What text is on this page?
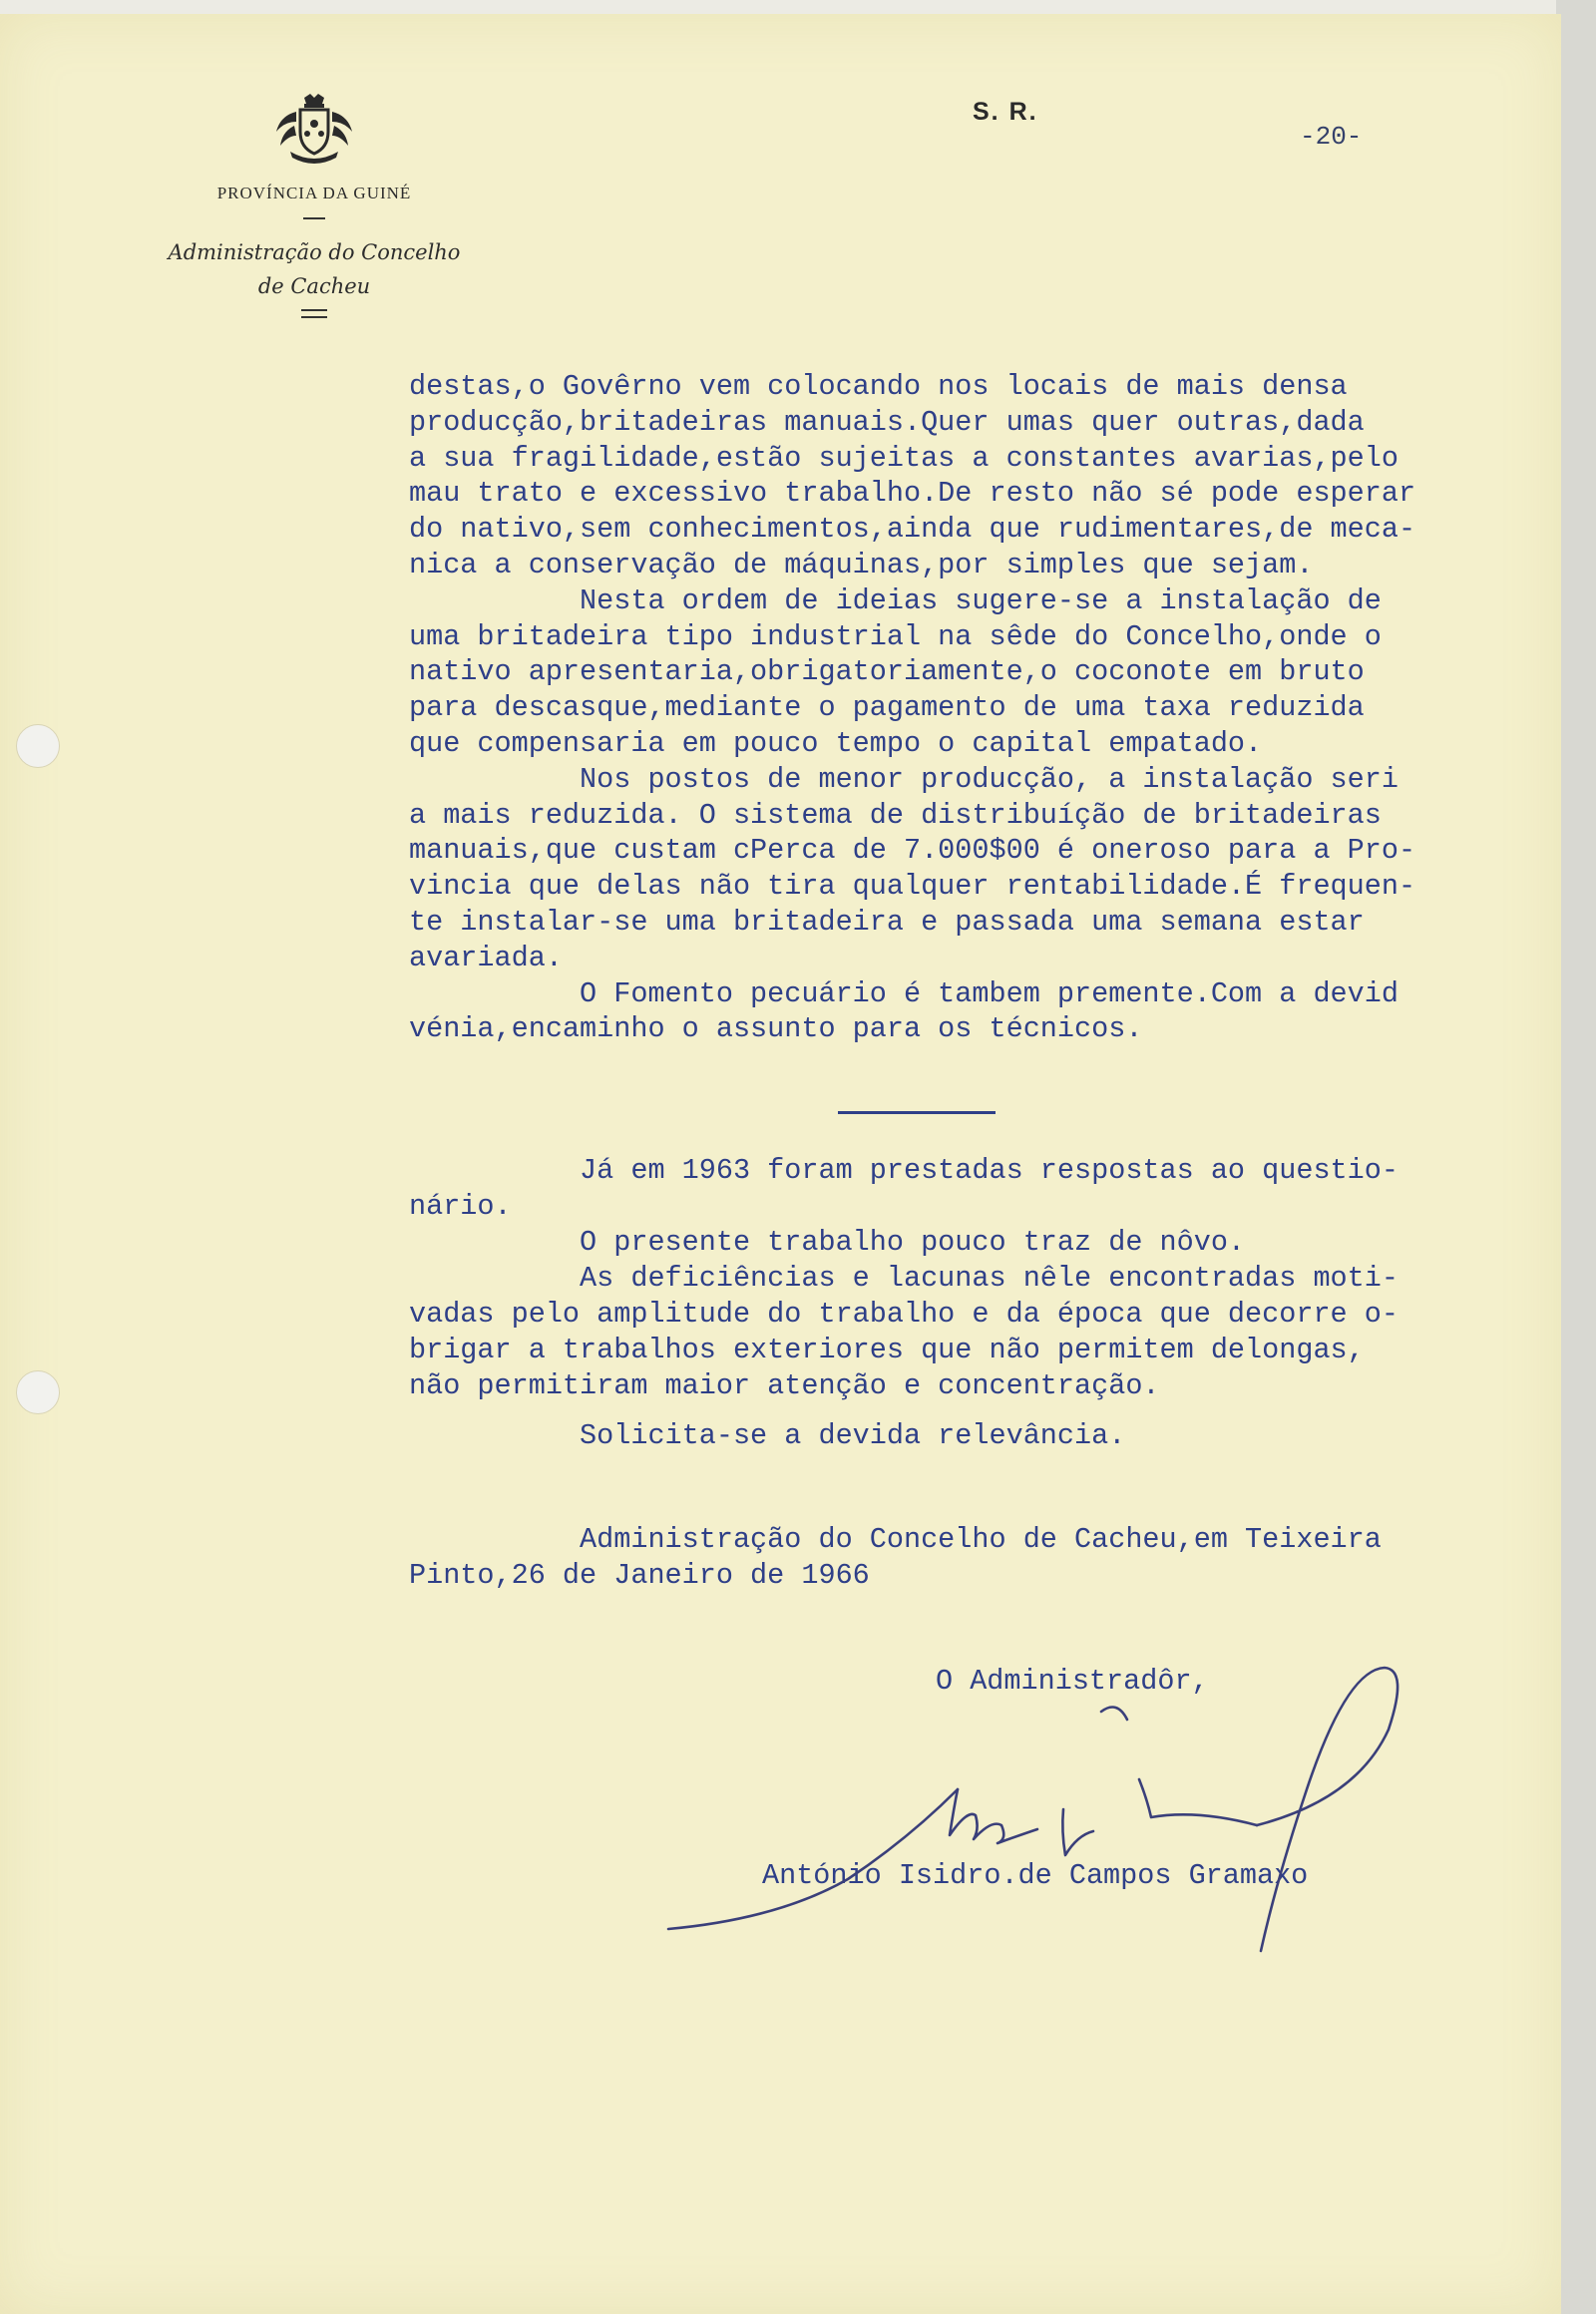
PROVÍNCIA DA GUINÉ
Administração do Concelho
de Cacheu
S. R.
-20-
destas,o Govêrno vem colocando nos locais de mais densa
producção,britadeiras manuais.Quer umas quer outras,dada
a sua fragilidade,estão sujeitas a constantes avarias,pelo
mau trato e excessivo trabalho.De resto não sé pode esperar
do nativo,sem conhecimentos,ainda que rudimentares,de meca-
nica a conservação de máquinas,por simples que sejam.
Nesta ordem de ideias sugere-se a instalação de
uma britadeira tipo industrial na sêde do Concelho,onde o
nativo apresentaria,obrigatoriamente,o coconote em bruto
para descasque,mediante o pagamento de uma taxa reduzida
que compensaria em pouco tempo o capital empatado.
Nos postos de menor producção, a instalação seri
a mais reduzida. O sistema de distribuíção de britadeiras
manuais,que custam cPerca de 7.000$00 é oneroso para a Pro-
vincia que delas não tira qualquer rentabilidade.É frequen-
te instalar-se uma britadeira e passada uma semana estar
avariada.
O Fomento pecuário é tambem premente.Com a devid
vénia,encaminho o assunto para os técnicos.
Já em 1963 foram prestadas respostas ao questio-
nário.
O presente trabalho pouco traz de nôvo.
As deficiências e lacunas nêle encontradas moti-
vadas pelo amplitude do trabalho e da época que decorre o-
brigar a trabalhos exteriores que não permitem delongas,
não permitiram maior atenção e concentração.
Solicita-se a devida relevância.
Administração do Concelho de Cacheu,em Teixeira
Pinto,26 de Janeiro de 1966
O Administradôr,
António Isidro.de Campos Gramaxo
